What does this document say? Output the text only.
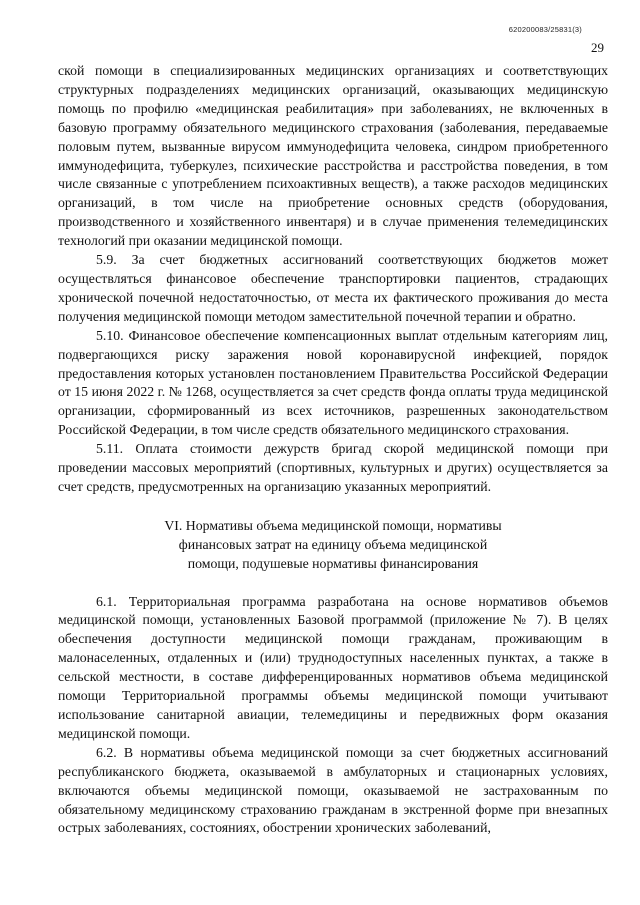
620200083/25831(3)
29

ской помощи в специализированных медицинских организациях и соответствующих структурных подразделениях медицинских организаций, оказывающих медицинскую помощь по профилю «медицинская реабилитация» при заболеваниях, не включенных в базовую программу обязательного медицинского страхования (заболевания, передаваемые половым путем, вызванные вирусом иммунодефицита человека, синдром приобретенного иммунодефицита, туберкулез, психические расстройства и расстройства поведения, в том числе связанные с употреблением психоактивных веществ), а также расходов медицинских организаций, в том числе на приобретение основных средств (оборудования, производственного и хозяйственного инвентаря) и в случае применения телемедицинских технологий при оказании медицинской помощи.

5.9. За счет бюджетных ассигнований соответствующих бюджетов может осуществляться финансовое обеспечение транспортировки пациентов, страдающих хронической почечной недостаточностью, от места их фактического проживания до места получения медицинской помощи методом заместительной почечной терапии и обратно.

5.10. Финансовое обеспечение компенсационных выплат отдельным категориям лиц, подвергающихся риску заражения новой коронавирусной инфекцией, порядок предоставления которых установлен постановлением Правительства Российской Федерации от 15 июня 2022 г. № 1268, осуществляется за счет средств фонда оплаты труда медицинской организации, сформированный из всех источников, разрешенных законодательством Российской Федерации, в том числе средств обязательного медицинского страхования.

5.11. Оплата стоимости дежурств бригад скорой медицинской помощи при проведении массовых мероприятий (спортивных, культурных и других) осуществляется за счет средств, предусмотренных на организацию указанных мероприятий.

VI. Нормативы объема медицинской помощи, нормативы
финансовых затрат на единицу объема медицинской
помощи, подушевые нормативы финансирования

6.1. Территориальная программа разработана на основе нормативов объемов медицинской помощи, установленных Базовой программой (приложение № 7). В целях обеспечения доступности медицинской помощи гражданам, проживающим в малонаселенных, отдаленных и (или) труднодоступных населенных пунктах, а также в сельской местности, в составе дифференцированных нормативов объема медицинской помощи Территориальной программы объемы медицинской помощи учитывают использование санитарной авиации, телемедицины и передвижных форм оказания медицинской помощи.

6.2. В нормативы объема медицинской помощи за счет бюджетных ассигнований республиканского бюджета, оказываемой в амбулаторных и стационарных условиях, включаются объемы медицинской помощи, оказываемой не застрахованным по обязательному медицинскому страхованию гражданам в экстренной форме при внезапных острых заболеваниях, состояниях, обострении хронических заболеваний,
